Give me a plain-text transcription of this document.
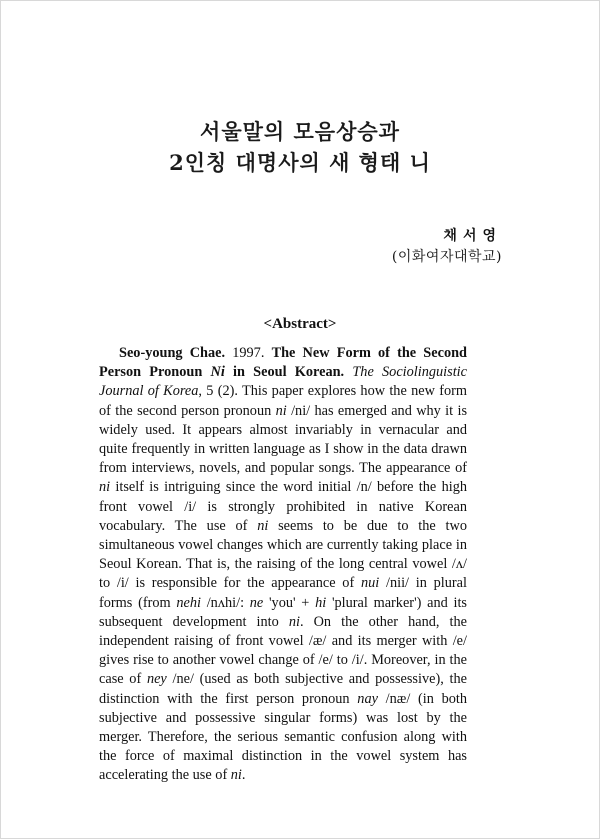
서울말의 모음상승과
2인칭 대명사의 새 형태 니
채서영
(이화여자대학교)
<Abstract>

Seo-young Chae. 1997. The New Form of the Second Person Pronoun Ni in Seoul Korean. The Sociolinguistic Journal of Korea, 5 (2). This paper explores how the new form of the second person pronoun ni /ni/ has emerged and why it is widely used. It appears almost invariably in vernacular and quite frequently in written language as I show in the data drawn from interviews, novels, and popular songs. The appearance of ni itself is intriguing since the word initial /n/ before the high front vowel /i/ is strongly prohibited in native Korean vocabulary. The use of ni seems to be due to the two simultaneous vowel changes which are currently taking place in Seoul Korean. That is, the raising of the long central vowel /ʌ/ to /i/ is responsible for the appearance of nui /nii/ in plural forms (from nehi /nʌhi/: ne 'you' + hi 'plural marker') and its subsequent development into ni. On the other hand, the independent raising of front vowel /æ/ and its merger with /e/ gives rise to another vowel change of /e/ to /i/. Moreover, in the case of ney /ne/ (used as both subjective and possessive), the distinction with the first person pronoun nay /næ/ (in both subjective and possessive singular forms) was lost by the merger. Therefore, the serious semantic confusion along with the force of maximal distinction in the vowel system has accelerating the use of ni.
